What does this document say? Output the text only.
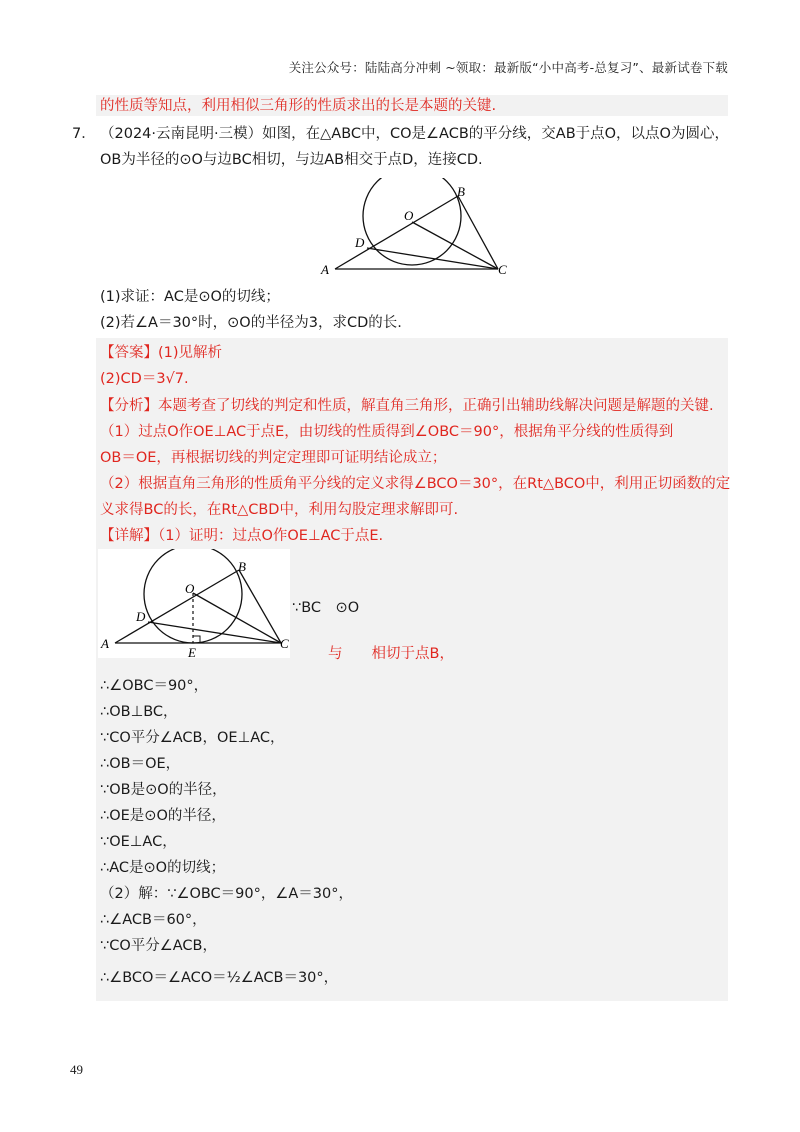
关注公众号：陆陆高分冲刺 ~领取：最新版“小中高考-总复习”、最新试卷下载
的性质等知点，利用相似三角形的性质求出的长是本题的关键.
7． （2024·云南昆明·三模）如图，在△ABC中，CO是∠ACB的平分线，交AB于点O，以点O为圆心，
OB为半径的⊙O与边BC相切，与边AB相交于点D，连接CD.
A
B
C
D
O
(1)求证：AC是⊙O的切线；
(2)若∠A＝30°时，⊙O的半径为3，求CD的长.
【答案】(1)见解析
(2)CD＝3√7.
【分析】本题考查了切线的判定和性质，解直角三角形，正确引出辅助线解决问题是解题的关键.
（1）过点O作OE⊥AC于点E，由切线的性质得到∠OBC＝90°，根据角平分线的性质得到
OB＝OE，再根据切线的判定定理即可证明结论成立；
（2）根据直角三角形的性质角平分线的定义求得∠BCO＝30°，在Rt△BCO中，利用正切函数的定
义求得BC的长，在Rt△CBD中，利用勾股定理求解即可.
【详解】（1）证明：过点O作OE⊥AC于点E.
A
B
C
D
O
E
∵BC　⊙O
与　　相切于点B，
∴∠OBC＝90°，
∴OB⊥BC，
∵CO平分∠ACB，OE⊥AC，
∴OB＝OE，
∵OB是⊙O的半径，
∴OE是⊙O的半径，
∵OE⊥AC，
∴AC是⊙O的切线；
（2）解：∵∠OBC＝90°，∠A＝30°，
∴∠ACB＝60°，
∵CO平分∠ACB，
∴∠BCO＝∠ACO＝½∠ACB＝30°，
49
